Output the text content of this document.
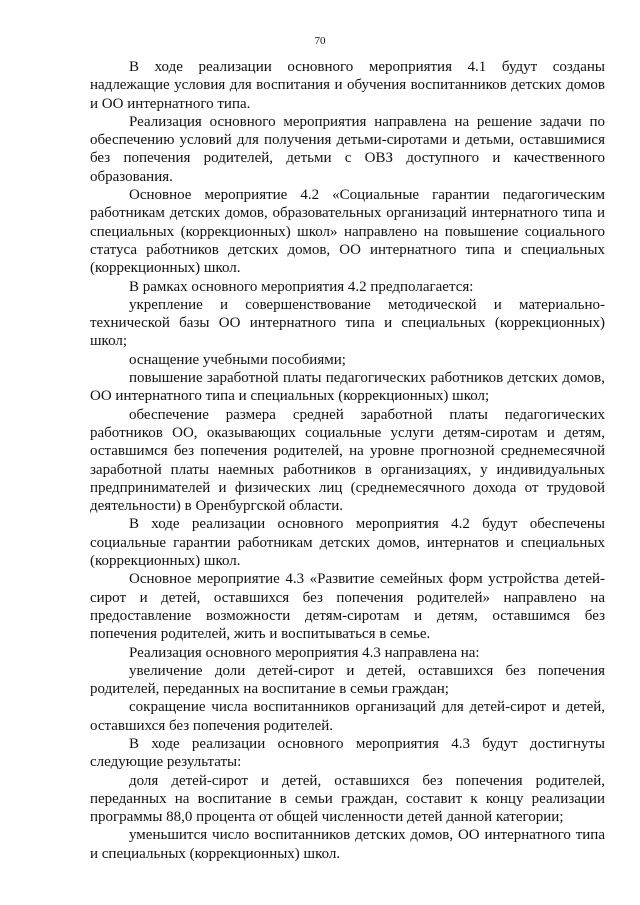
70

В ходе реализации основного мероприятия 4.1 будут созданы надлежащие условия для воспитания и обучения воспитанников детских домов и ОО интернатного типа.

Реализация основного мероприятия направлена на решение задачи по обеспечению условий для получения детьми-сиротами и детьми, оставшимися без попечения родителей, детьми с ОВЗ доступного и качественного образования.

Основное мероприятие 4.2 «Социальные гарантии педагогическим работникам детских домов, образовательных организаций интернатного типа и специальных (коррекционных) школ» направлено на повышение социального статуса работников детских домов, ОО интернатного типа и специальных (коррекционных) школ.

В рамках основного мероприятия 4.2 предполагается:

укрепление и совершенствование методической и материально-технической базы ОО интернатного типа и специальных (коррекционных) школ;

оснащение учебными пособиями;

повышение заработной платы педагогических работников детских домов, ОО интернатного типа и специальных (коррекционных) школ;

обеспечение размера средней заработной платы педагогических работников ОО, оказывающих социальные услуги детям-сиротам и детям, оставшимся без попечения родителей, на уровне прогнозной среднемесячной заработной платы наемных работников в организациях, у индивидуальных предпринимателей и физических лиц (среднемесячного дохода от трудовой деятельности) в Оренбургской области.

В ходе реализации основного мероприятия 4.2 будут обеспечены социальные гарантии работникам детских домов, интернатов и специальных (коррекционных) школ.

Основное мероприятие 4.3 «Развитие семейных форм устройства детей-сирот и детей, оставшихся без попечения родителей» направлено на предоставление возможности детям-сиротам и детям, оставшимся без попечения родителей, жить и воспитываться в семье.

Реализация основного мероприятия 4.3 направлена на:

увеличение доли детей-сирот и детей, оставшихся без попечения родителей, переданных на воспитание в семьи граждан;

сокращение числа воспитанников организаций для детей-сирот и детей, оставшихся без попечения родителей.

В ходе реализации основного мероприятия 4.3 будут достигнуты следующие результаты:

доля детей-сирот и детей, оставшихся без попечения родителей, переданных на воспитание в семьи граждан, составит к концу реализации программы 88,0 процента от общей численности детей данной категории;

уменьшится число воспитанников детских домов, ОО интернатного типа и специальных (коррекционных) школ.
